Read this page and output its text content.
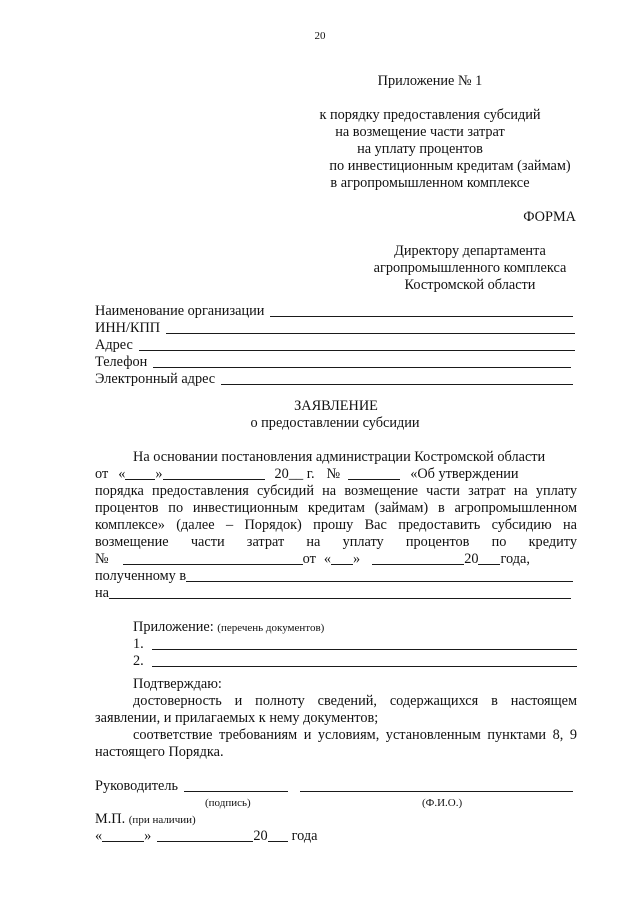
20
Приложение № 1
к порядку предоставления субсидий
на возмещение части затрат
на уплату процентов
по инвестиционным кредитам (займам)
в агропромышленном комплексе
ФОРМА
Директору департамента
агропромышленного комплекса
Костромской области
Наименование организации
ИНН/КПП
Адрес
Телефон
Электронный адрес
ЗАЯВЛЕНИЕ
о предоставлении субсидии
На основании постановления администрации Костромской области
от « »	20__ г. №	«Об утверждении
порядка предоставления субсидий на возмещение части затрат на уплату
процентов по инвестиционным кредитам (займам) в агропромышленном
комплексе» (далее – Порядок) прошу Вас предоставить субсидию на
возмещение части затрат на уплату процентов по кредиту
№	от « »	20 года,
полученному в
на
Приложение: (перечень документов)
1.
2.
Подтверждаю:
достоверность и полноту сведений, содержащихся в настоящем
заявлении, и прилагаемых к нему документов;
соответствие требованиям и условиям, установленным пунктами 8, 9
настоящего Порядка.
Руководитель
(подпись)	(Ф.И.О.)
М.П. (при наличии)
«	»	20 года
